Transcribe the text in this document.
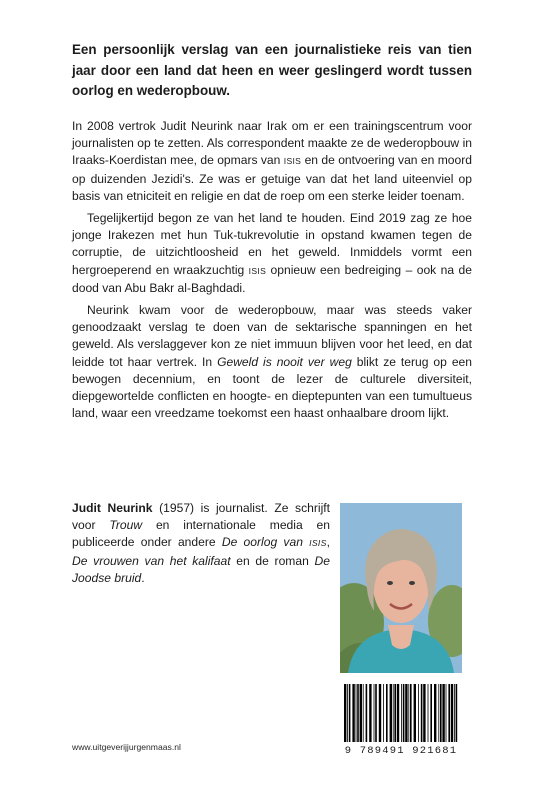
Een persoonlijk verslag van een journalistieke reis van tien jaar door een land dat heen en weer geslingerd wordt tussen oorlog en wederopbouw.

In 2008 vertrok Judit Neurink naar Irak om er een trainingscentrum voor journalisten op te zetten. Als correspondent maakte ze de wederopbouw in Iraaks-Koerdistan mee, de opmars van ISIS en de ontvoering van en moord op duizenden Jezidi's. Ze was er getuige van dat het land uiteenviel op basis van etniciteit en religie en dat de roep om een sterke leider toenam.

Tegelijkertijd begon ze van het land te houden. Eind 2019 zag ze hoe jonge Irakezen met hun Tuk-tukrevolutie in opstand kwamen tegen de corruptie, de uitzichtloosheid en het geweld. Inmiddels vormt een hergroeperend en wraakzuchtig ISIS opnieuw een bedreiging – ook na de dood van Abu Bakr al-Baghdadi.

Neurink kwam voor de wederopbouw, maar was steeds vaker genoodzaakt verslag te doen van de sektarische spanningen en het geweld. Als verslaggever kon ze niet immuun blijven voor het leed, en dat leidde tot haar vertrek. In Geweld is nooit ver weg blikt ze terug op een bewogen decennium, en toont de lezer de culturele diversiteit, diepgewortelde conflicten en hoogte- en dieptepunten van een tumultueus land, waar een vreedzame toekomst een haast onhaalbare droom lijkt.

Judit Neurink (1957) is journalist. Ze schrijft voor Trouw en internationale media en publiceerde onder andere De oorlog van ISIS, De vrouwen van het kalifaat en de roman De Joodse bruid.

9 789491 921681
www.uitgeverijjurgenmaas.nl
